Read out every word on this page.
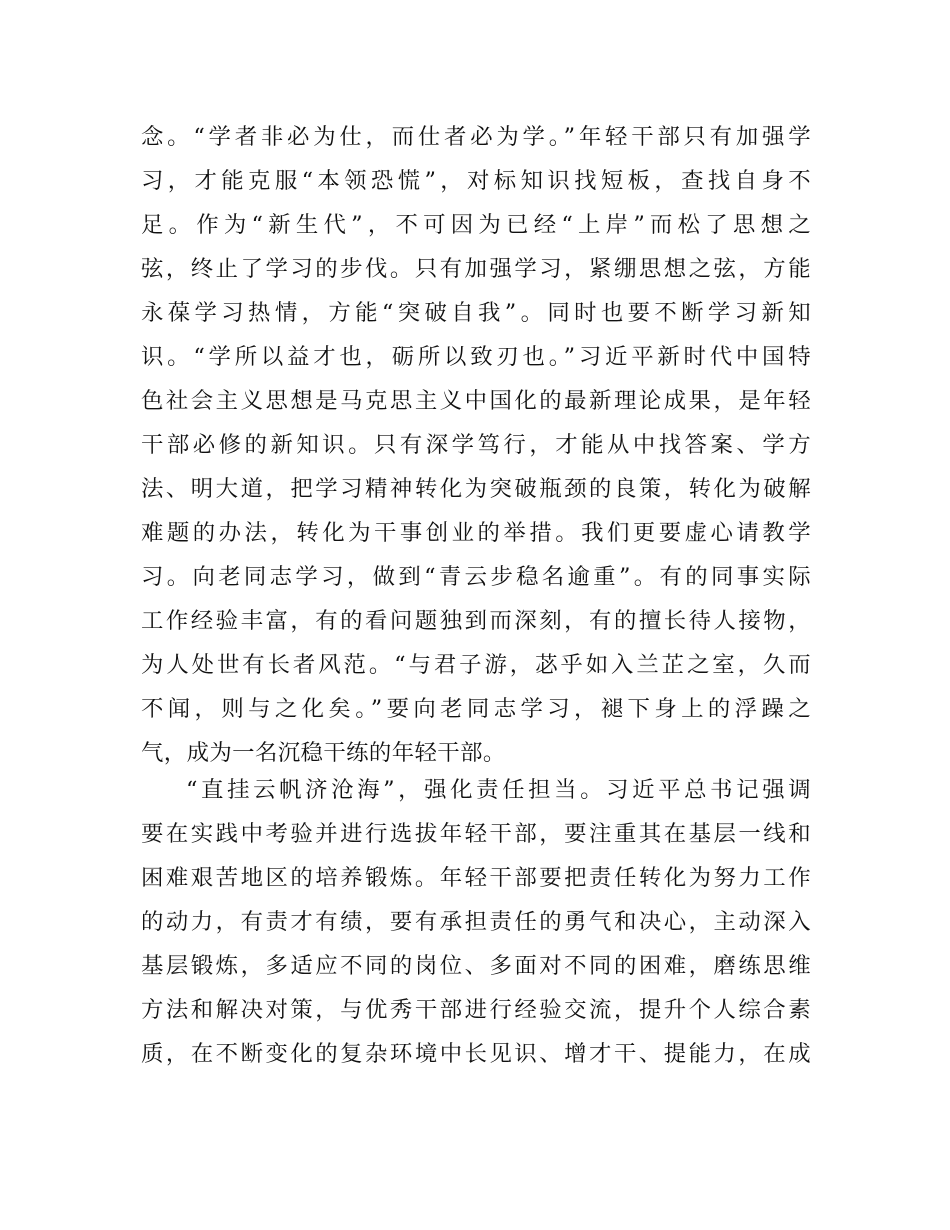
念。“学者非必为仕，而仕者必为学。”年轻干部只有加强学
习，才能克服“本领恐慌”，对标知识找短板，查找自身不
足。作为“新生代”，不可因为已经“上岸”而松了思想之
弦，终止了学习的步伐。只有加强学习，紧绷思想之弦，方能
永葆学习热情，方能“突破自我”。同时也要不断学习新知
识。“学所以益才也，砺所以致刃也。”习近平新时代中国特
色社会主义思想是马克思主义中国化的最新理论成果，是年轻
干部必修的新知识。只有深学笃行，才能从中找答案、学方
法、明大道，把学习精神转化为突破瓶颈的良策，转化为破解
难题的办法，转化为干事创业的举措。我们更要虚心请教学
习。向老同志学习，做到“青云步稳名逾重”。有的同事实际
工作经验丰富，有的看问题独到而深刻，有的擅长待人接物，
为人处世有长者风范。“与君子游，苾乎如入兰芷之室，久而
不闻，则与之化矣。”要向老同志学习，褪下身上的浮躁之
气，成为一名沉稳干练的年轻干部。
“直挂云帆济沧海”，强化责任担当。习近平总书记强调
要在实践中考验并进行选拔年轻干部，要注重其在基层一线和
困难艰苦地区的培养锻炼。年轻干部要把责任转化为努力工作
的动力，有责才有绩，要有承担责任的勇气和决心，主动深入
基层锻炼，多适应不同的岗位、多面对不同的困难，磨练思维
方法和解决对策，与优秀干部进行经验交流，提升个人综合素
质，在不断变化的复杂环境中长见识、增才干、提能力，在成
